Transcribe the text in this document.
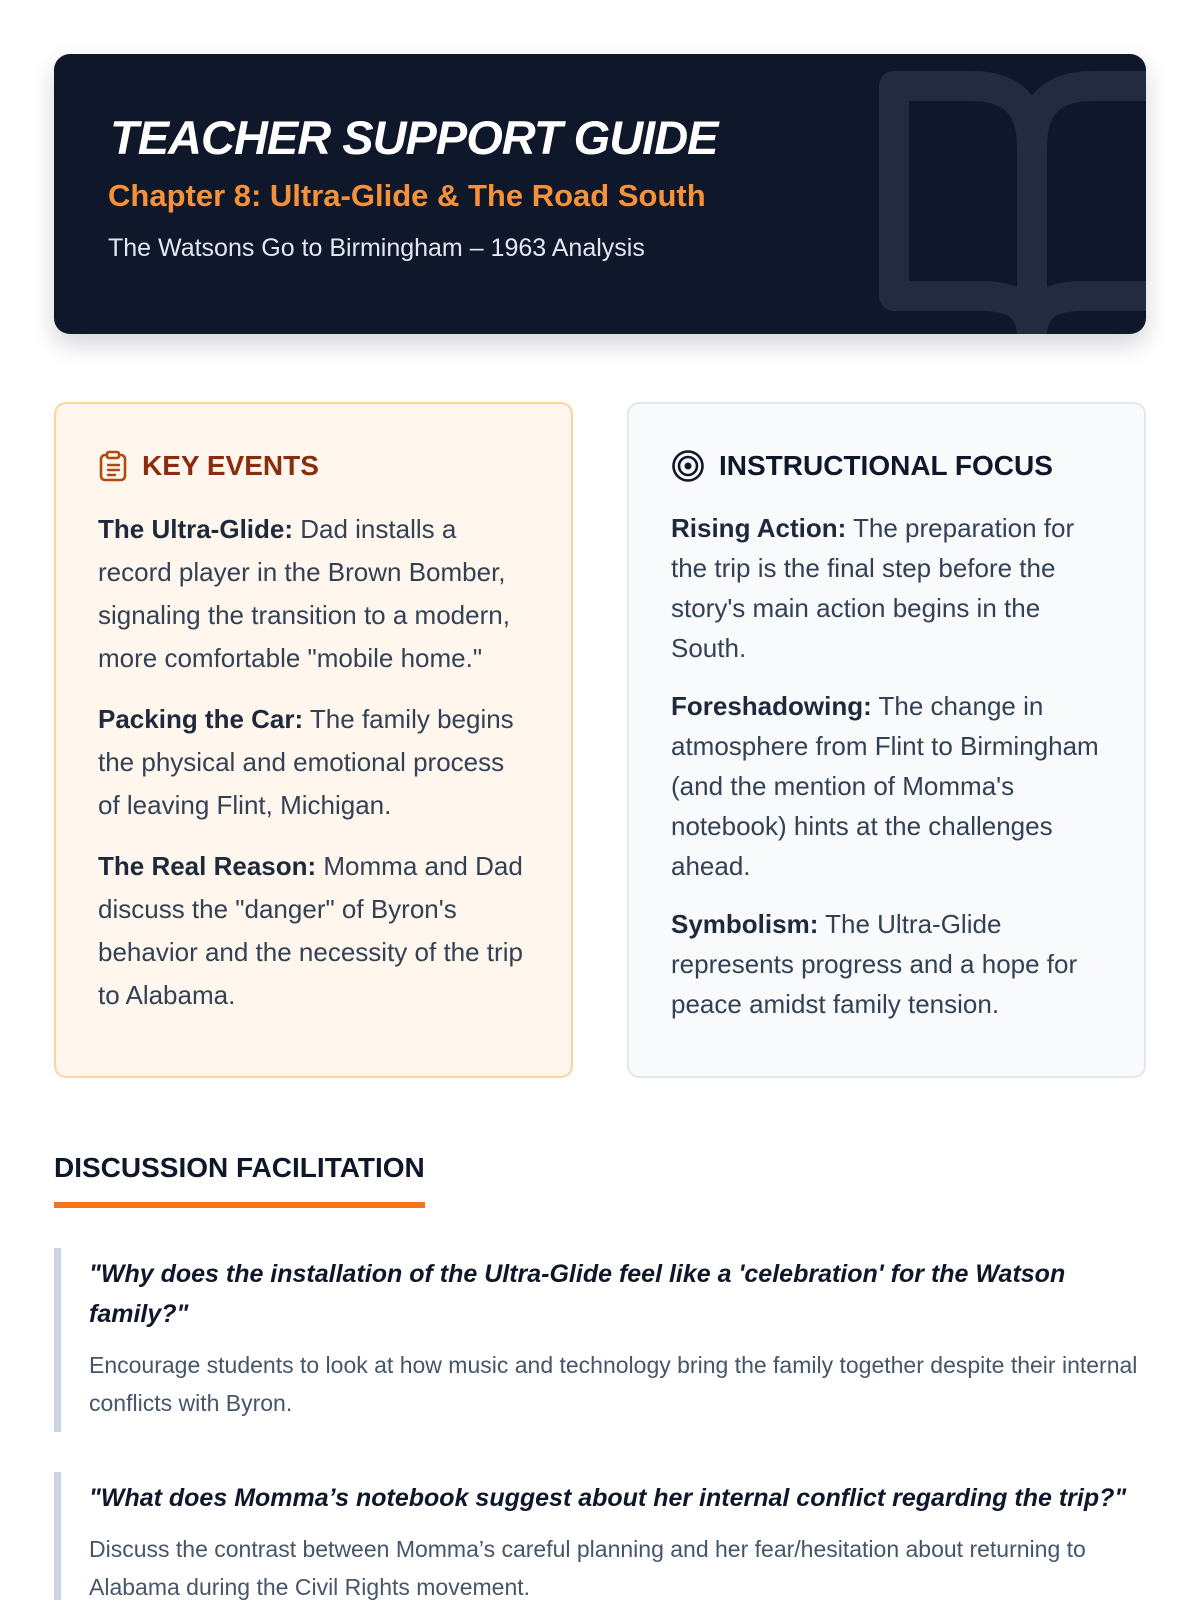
TEACHER SUPPORT GUIDE
Chapter 8: Ultra-Glide & The Road South
The Watsons Go to Birmingham – 1963 Analysis
KEY EVENTS

The Ultra-Glide: Dad installs a record player in the Brown Bomber, signaling the transition to a modern, more comfortable "mobile home."

Packing the Car: The family begins the physical and emotional process of leaving Flint, Michigan.

The Real Reason: Momma and Dad discuss the "danger" of Byron's behavior and the necessity of the trip to Alabama.

INSTRUCTIONAL FOCUS

Rising Action: The preparation for the trip is the final step before the story's main action begins in the South.

Foreshadowing: The change in atmosphere from Flint to Birmingham (and the mention of Momma's notebook) hints at the challenges ahead.

Symbolism: The Ultra-Glide represents progress and a hope for peace amidst family tension.

DISCUSSION FACILITATION
"Why does the installation of the Ultra-Glide feel like a 'celebration' for the Watson family?"
Encourage students to look at how music and technology bring the family together despite their internal conflicts with Byron.
"What does Momma’s notebook suggest about her internal conflict regarding the trip?"
Discuss the contrast between Momma’s careful planning and her fear/hesitation about returning to Alabama during the Civil Rights movement.
